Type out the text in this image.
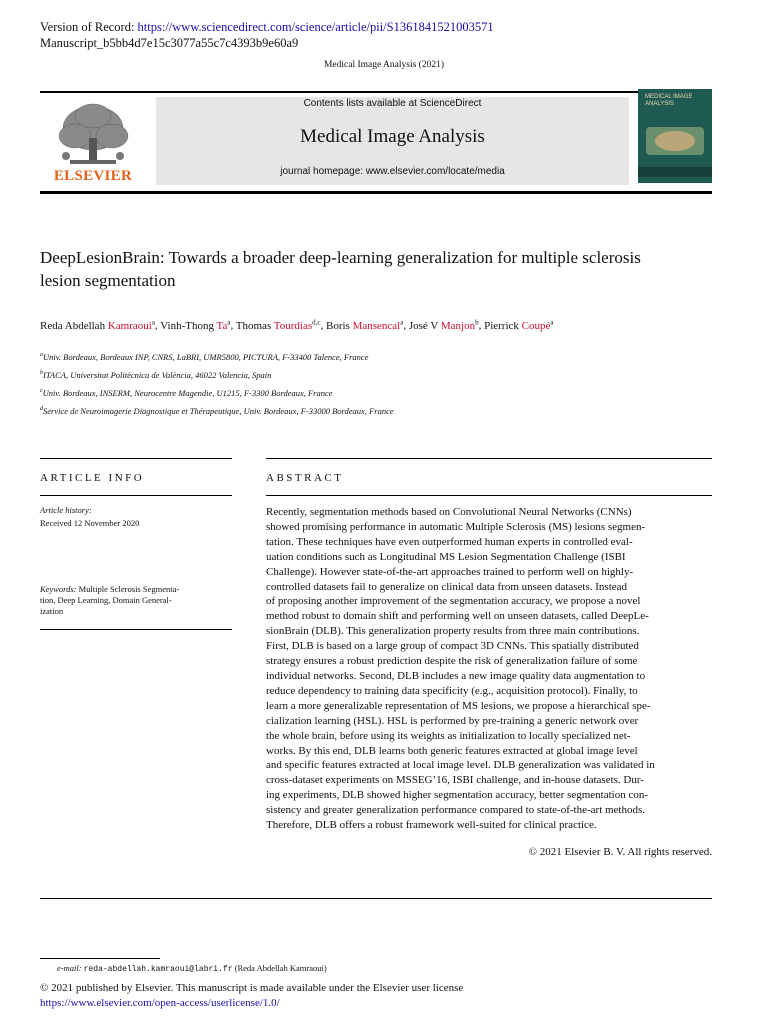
Version of Record: https://www.sciencedirect.com/science/article/pii/S1361841521003571
Manuscript_b5bb4d7e15c3077a55c7c4393b9e60a9
Medical Image Analysis (2021)
ELSEVIER
Contents lists available at ScienceDirect
Medical Image Analysis
journal homepage: www.elsevier.com/locate/media
MEDICAL IMAGE ANALYSIS
DeepLesionBrain: Towards a broader deep-learning generalization for multiple sclerosis
lesion segmentation
Reda Abdellah Kamraoui$^a$, Vinh-Thong Ta$^a$, Thomas Tourdias$^{d,c}$, Boris Mansencal$^a$, José V Manjon$^b$, Pierrick Coupé$^a$
$^a$Univ. Bordeaux, Bordeaux INP, CNRS, LaBRI, UMR5800, PICTURA, F-33400 Talence, France
$^b$ITACA, Universitat Politècnica de València, 46022 Valencia, Spain
$^c$Univ. Bordeaux, INSERM, Neurocentre Magendie, U1215, F-3300 Bordeaux, France
$^d$Service de Neuroimagerie Diagnostique et Thérapeutique, Univ. Bordeaux, F-33000 Bordeaux, France
ARTICLE INFO
Article history:
Received 12 November 2020
Keywords: Multiple Sclerosis Segmenta-
tion, Deep Learning, Domain General-
ization
ABSTRACT
Recently, segmentation methods based on Convolutional Neural Networks (CNNs)
showed promising performance in automatic Multiple Sclerosis (MS) lesions segmen-
tation. These techniques have even outperformed human experts in controlled eval-
uation conditions such as Longitudinal MS Lesion Segmentation Challenge (ISBI
Challenge). However state-of-the-art approaches trained to perform well on highly-
controlled datasets fail to generalize on clinical data from unseen datasets. Instead
of proposing another improvement of the segmentation accuracy, we propose a novel
method robust to domain shift and performing well on unseen datasets, called DeepLe-
sionBrain (DLB). This generalization property results from three main contributions.
First, DLB is based on a large group of compact 3D CNNs. This spatially distributed
strategy ensures a robust prediction despite the risk of generalization failure of some
individual networks. Second, DLB includes a new image quality data augmentation to
reduce dependency to training data specificity (e.g., acquisition protocol). Finally, to
learn a more generalizable representation of MS lesions, we propose a hierarchical spe-
cialization learning (HSL). HSL is performed by pre-training a generic network over
the whole brain, before using its weights as initialization to locally specialized net-
works. By this end, DLB learns both generic features extracted at global image level
and specific features extracted at local image level. DLB generalization was validated in
cross-dataset experiments on MSSEG’16, ISBI challenge, and in-house datasets. Dur-
ing experiments, DLB showed higher segmentation accuracy, better segmentation con-
sistency and greater generalization performance compared to state-of-the-art methods.
Therefore, DLB offers a robust framework well-suited for clinical practice.
© 2021 Elsevier B. V. All rights reserved.
e-mail: reda-abdellah.kamraoui@labri.fr (Reda Abdellah Kamraoui)
© 2021 published by Elsevier. This manuscript is made available under the Elsevier user license
https://www.elsevier.com/open-access/userlicense/1.0/
